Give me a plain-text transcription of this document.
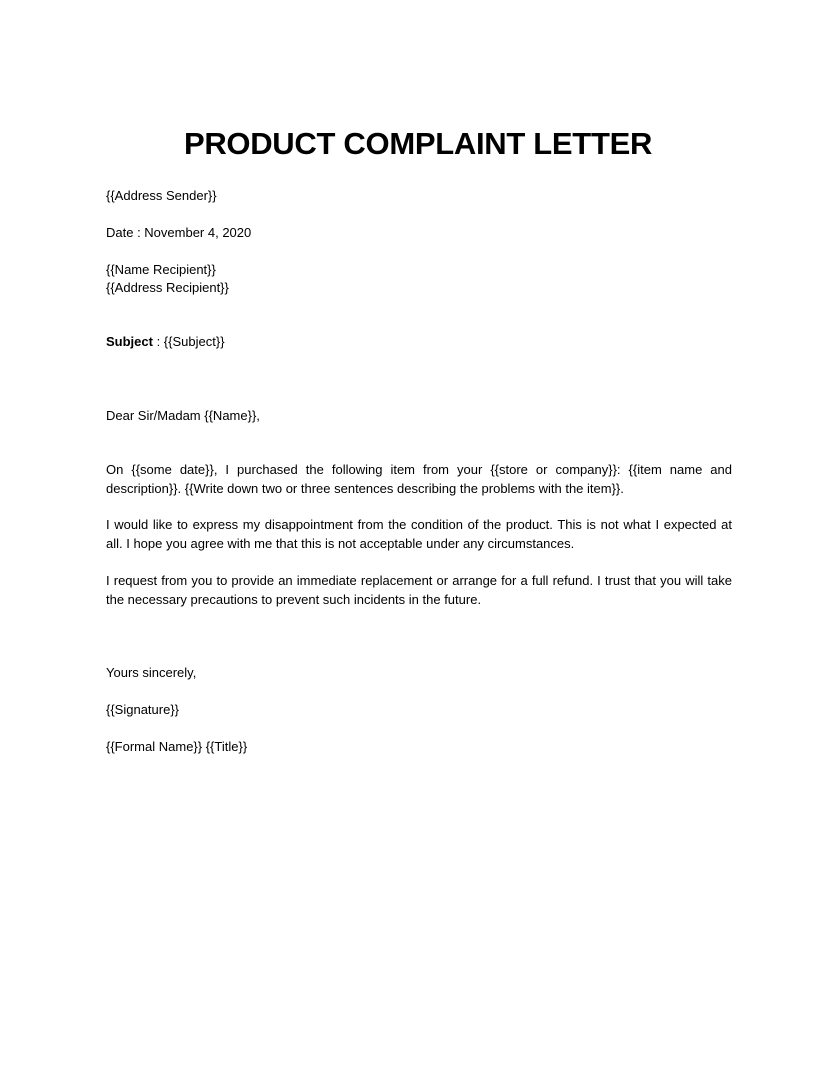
PRODUCT COMPLAINT LETTER
{{Address Sender}}
Date : November 4, 2020
{{Name Recipient}}
{{Address Recipient}}
Subject : {{Subject}}
Dear Sir/Madam {{Name}},
On {{some date}}, I purchased the following item from your {{store or company}}: {{item name and description}}. {{Write down two or three sentences describing the problems with the item}}.
I would like to express my disappointment from the condition of the product. This is not what I expected at all. I hope you agree with me that this is not acceptable under any circumstances.
I request from you to provide an immediate replacement or arrange for a full refund. I trust that you will take the necessary precautions to prevent such incidents in the future.
Yours sincerely,
{{Signature}}
{{Formal Name}} {{Title}}
